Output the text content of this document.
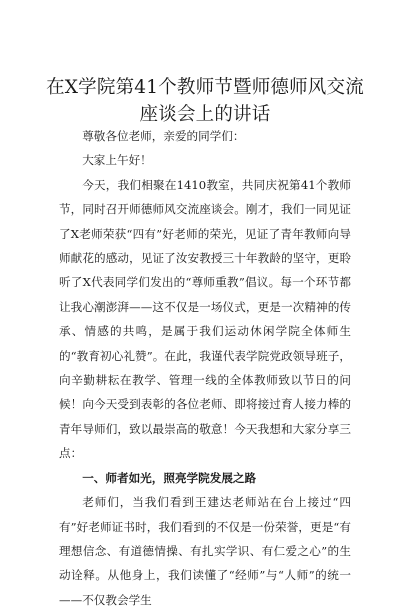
在X学院第41个教师节暨师德师风交流座谈会上的讲话

尊敬各位老师，亲爱的同学们：

大家上午好！

今天，我们相聚在1410教室，共同庆祝第41个教师节，同时召开师德师风交流座谈会。刚才，我们一同见证了X老师荣获“四有”好老师的荣光，见证了青年教师向导师献花的感动，见证了汝安教授三十年教龄的坚守，更聆听了X代表同学们发出的“尊师重教”倡议。每一个环节都让我心潮澎湃——这不仅是一场仪式，更是一次精神的传承、情感的共鸣，是属于我们运动休闲学院全体师生的“教育初心礼赞”。在此，我谨代表学院党政领导班子，向辛勤耕耘在教学、管理一线的全体教师致以节日的问候！向今天受到表彰的各位老师、即将接过育人接力棒的青年导师们，致以最崇高的敬意！今天我想和大家分享三点：

一、师者如光，照亮学院发展之路

老师们，当我们看到王建达老师站在台上接过“四有”好老师证书时，我们看到的不仅是一份荣誉，更是“有理想信念、有道德情操、有扎实学识、有仁爱之心”的生动诠释。从他身上，我们读懂了“经师”与“人师”的统一——不仅教会学生
